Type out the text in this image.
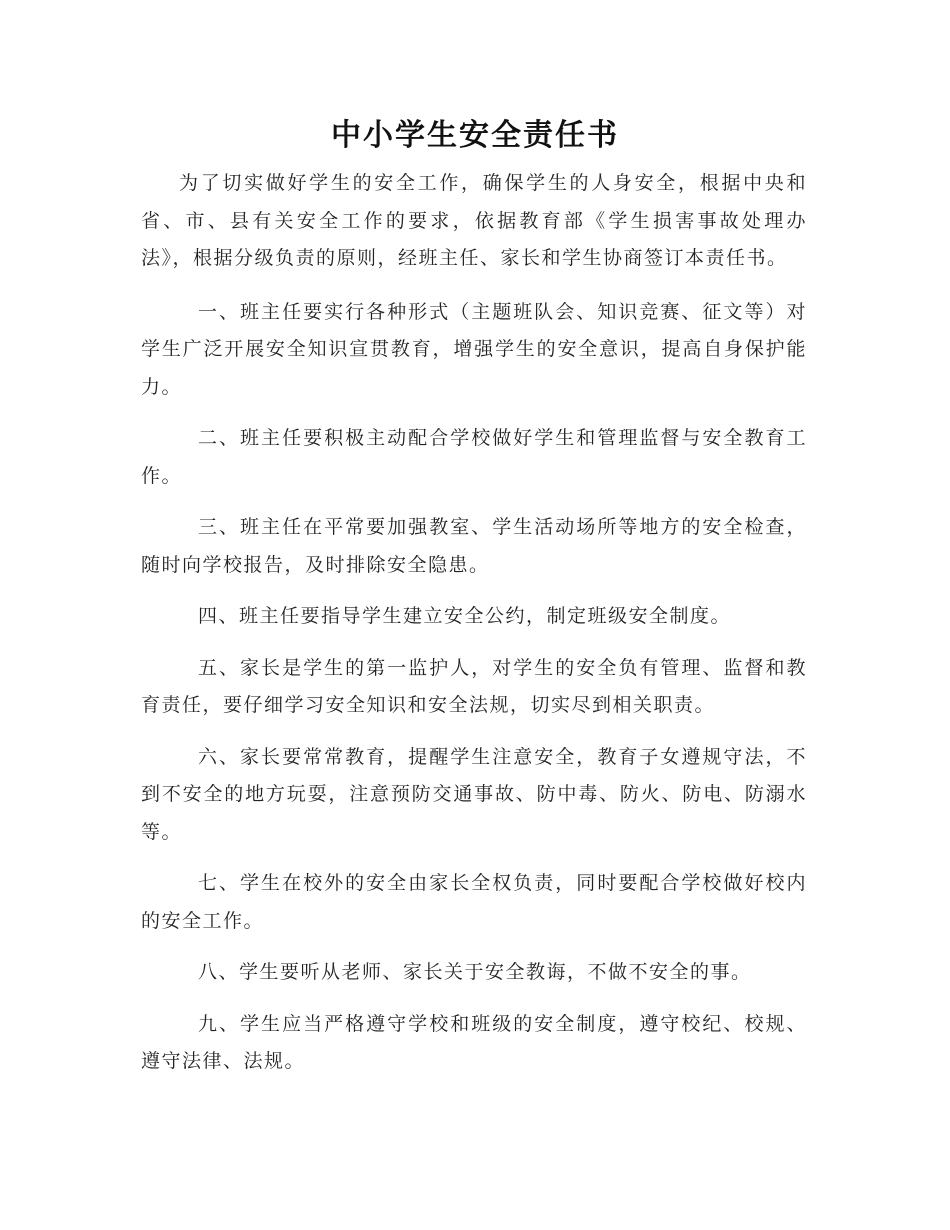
中小学生安全责任书

为了切实做好学生的安全工作，确保学生的人身安全，根据中央和省、市、县有关安全工作的要求，依据教育部《学生损害事故处理办法》，根据分级负责的原则，经班主任、家长和学生协商签订本责任书。

一、班主任要实行各种形式（主题班队会、知识竞赛、征文等）对学生广泛开展安全知识宣贯教育，增强学生的安全意识，提高自身保护能力。

二、班主任要积极主动配合学校做好学生和管理监督与安全教育工作。

三、班主任在平常要加强教室、学生活动场所等地方的安全检查，随时向学校报告，及时排除安全隐患。

四、班主任要指导学生建立安全公约，制定班级安全制度。

五、家长是学生的第一监护人，对学生的安全负有管理、监督和教育责任，要仔细学习安全知识和安全法规，切实尽到相关职责。

六、家长要常常教育，提醒学生注意安全，教育子女遵规守法，不到不安全的地方玩耍，注意预防交通事故、防中毒、防火、防电、防溺水等。

七、学生在校外的安全由家长全权负责，同时要配合学校做好校内的安全工作。

八、学生要听从老师、家长关于安全教诲，不做不安全的事。

九、学生应当严格遵守学校和班级的安全制度，遵守校纪、校规、遵守法律、法规。
